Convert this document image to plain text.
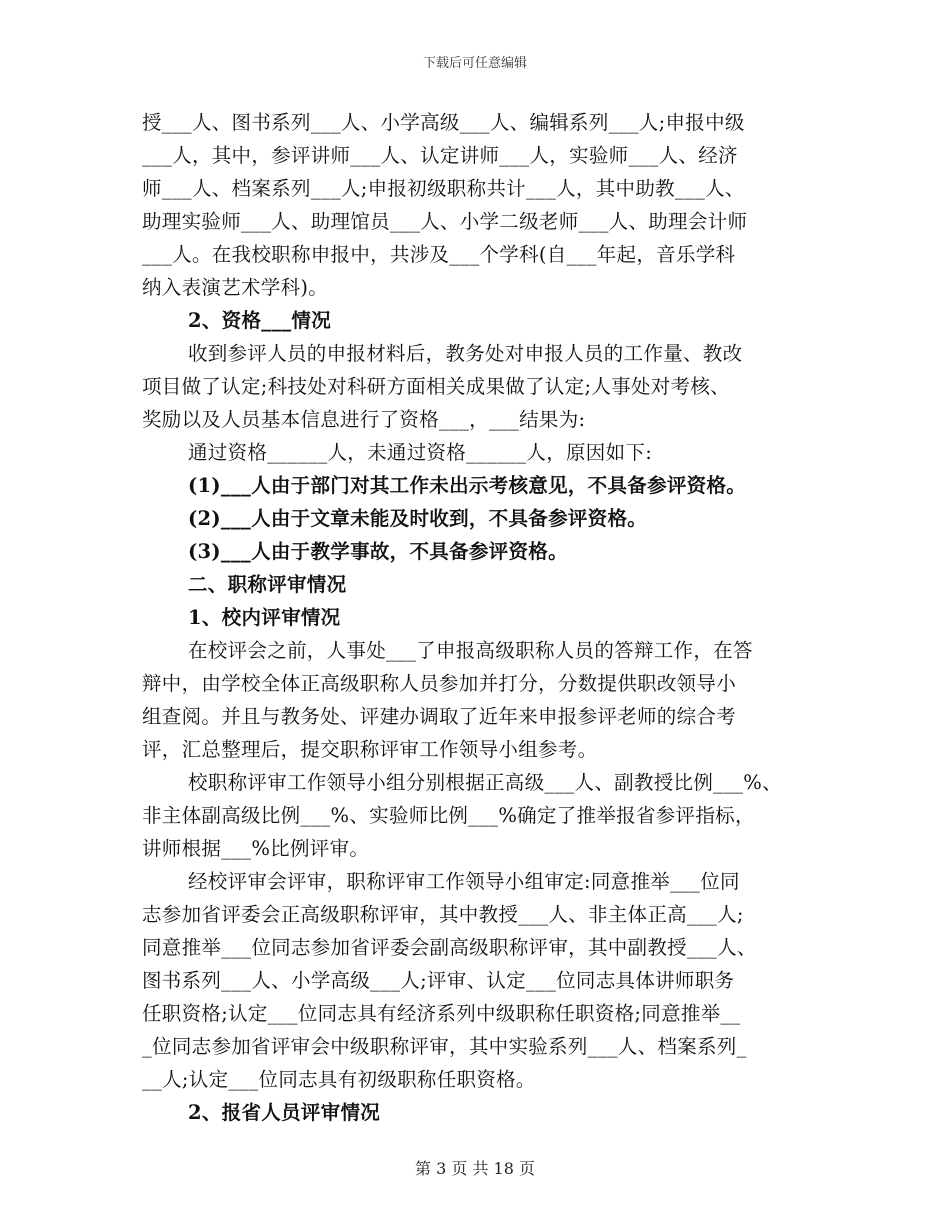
下载后可任意编辑
授___人、图书系列___人、小学高级___人、编辑系列___人;申报中级
___人，其中，参评讲师___人、认定讲师___人，实验师___人、经济
师___人、档案系列___人;申报初级职称共计___人，其中助教___人、
助理实验师___人、助理馆员___人、小学二级老师___人、助理会计师
___人。在我校职称申报中，共涉及___个学科(自___年起，音乐学科
纳入表演艺术学科)。
2、资格___情况
收到参评人员的申报材料后，教务处对申报人员的工作量、教改
项目做了认定;科技处对科研方面相关成果做了认定;人事处对考核、
奖励以及人员基本信息进行了资格___，___结果为:
通过资格______人，未通过资格______人，原因如下:
(1)___人由于部门对其工作未出示考核意见，不具备参评资格。
(2)___人由于文章未能及时收到，不具备参评资格。
(3)___人由于教学事故，不具备参评资格。
二、职称评审情况
1、校内评审情况
在校评会之前，人事处___了申报高级职称人员的答辩工作，在答
辩中，由学校全体正高级职称人员参加并打分，分数提供职改领导小
组查阅。并且与教务处、评建办调取了近年来申报参评老师的综合考
评，汇总整理后，提交职称评审工作领导小组参考。
校职称评审工作领导小组分别根据正高级___人、副教授比例___%、
非主体副高级比例___%、实验师比例___%确定了推举报省参评指标，
讲师根据___%比例评审。
经校评审会评审，职称评审工作领导小组审定:同意推举___位同
志参加省评委会正高级职称评审，其中教授___人、非主体正高___人;
同意推举___位同志参加省评委会副高级职称评审，其中副教授___人、
图书系列___人、小学高级___人;评审、认定___位同志具体讲师职务
任职资格;认定___位同志具有经济系列中级职称任职资格;同意推举__
_位同志参加省评审会中级职称评审，其中实验系列___人、档案系列_
__人;认定___位同志具有初级职称任职资格。
2、报省人员评审情况
第 3 页 共 18 页
